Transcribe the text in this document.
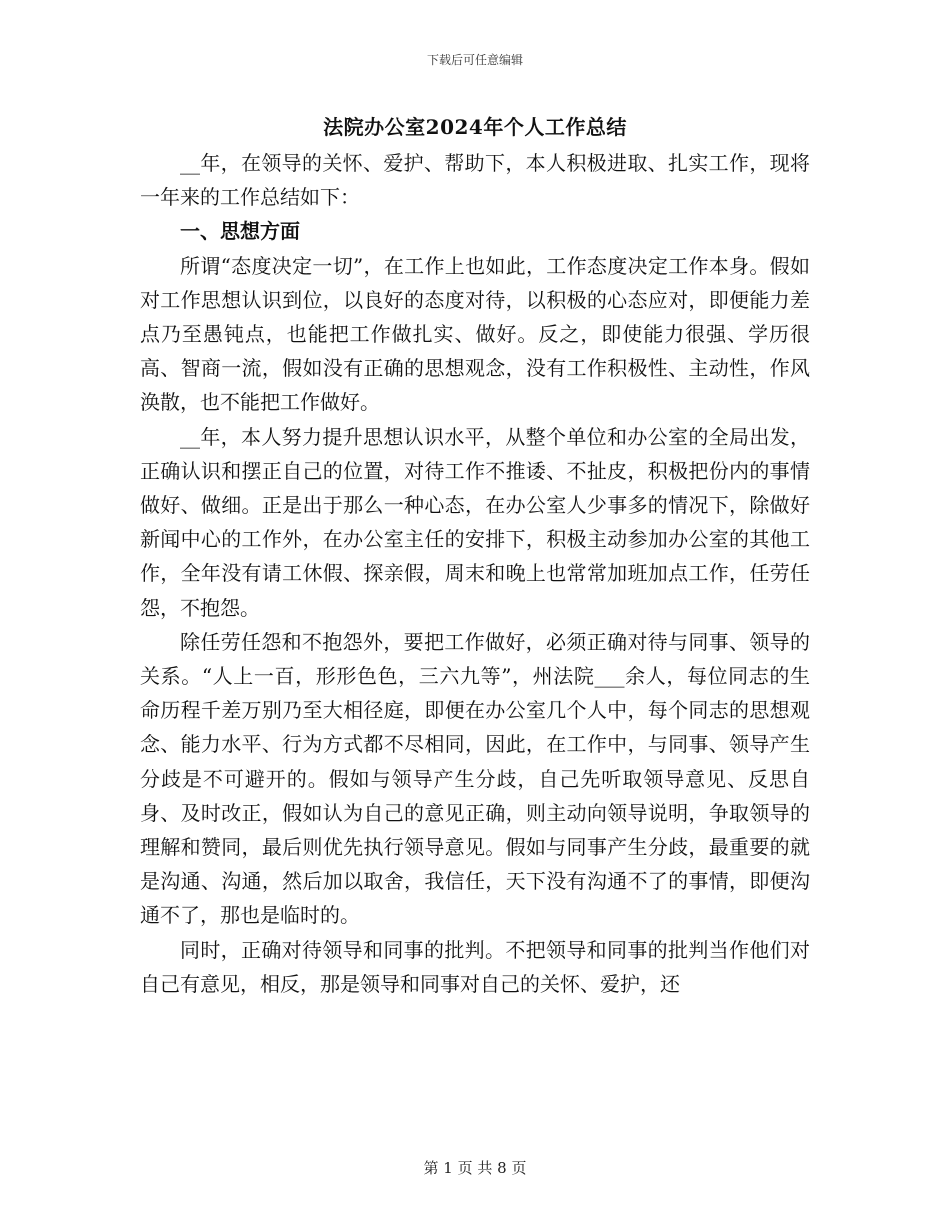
下载后可任意编辑
法院办公室2024年个人工作总结

__年，在领导的关怀、爱护、帮助下，本人积极进取、扎实工作，现将一年来的工作总结如下：

一、思想方面

所谓“态度决定一切”，在工作上也如此，工作态度决定工作本身。假如对工作思想认识到位，以良好的态度对待，以积极的心态应对，即便能力差点乃至愚钝点，也能把工作做扎实、做好。反之，即使能力很强、学历很高、智商一流，假如没有正确的思想观念，没有工作积极性、主动性，作风涣散，也不能把工作做好。

__年，本人努力提升思想认识水平，从整个单位和办公室的全局出发，正确认识和摆正自己的位置，对待工作不推诿、不扯皮，积极把份内的事情做好、做细。正是出于那么一种心态，在办公室人少事多的情况下，除做好新闻中心的工作外，在办公室主任的安排下，积极主动参加办公室的其他工作，全年没有请工休假、探亲假，周末和晚上也常常加班加点工作，任劳任怨，不抱怨。

除任劳任怨和不抱怨外，要把工作做好，必须正确对待与同事、领导的关系。“人上一百，形形色色，三六九等”，州法院___余人，每位同志的生命历程千差万别乃至大相径庭，即便在办公室几个人中，每个同志的思想观念、能力水平、行为方式都不尽相同，因此，在工作中，与同事、领导产生分歧是不可避开的。假如与领导产生分歧，自己先听取领导意见、反思自身、及时改正，假如认为自己的意见正确，则主动向领导说明，争取领导的理解和赞同，最后则优先执行领导意见。假如与同事产生分歧，最重要的就是沟通、沟通，然后加以取舍，我信任，天下没有沟通不了的事情，即便沟通不了，那也是临时的。

同时，正确对待领导和同事的批判。不把领导和同事的批判当作他们对自己有意见，相反，那是领导和同事对自己的关怀、爱护，还

第 1 页 共 8 页
